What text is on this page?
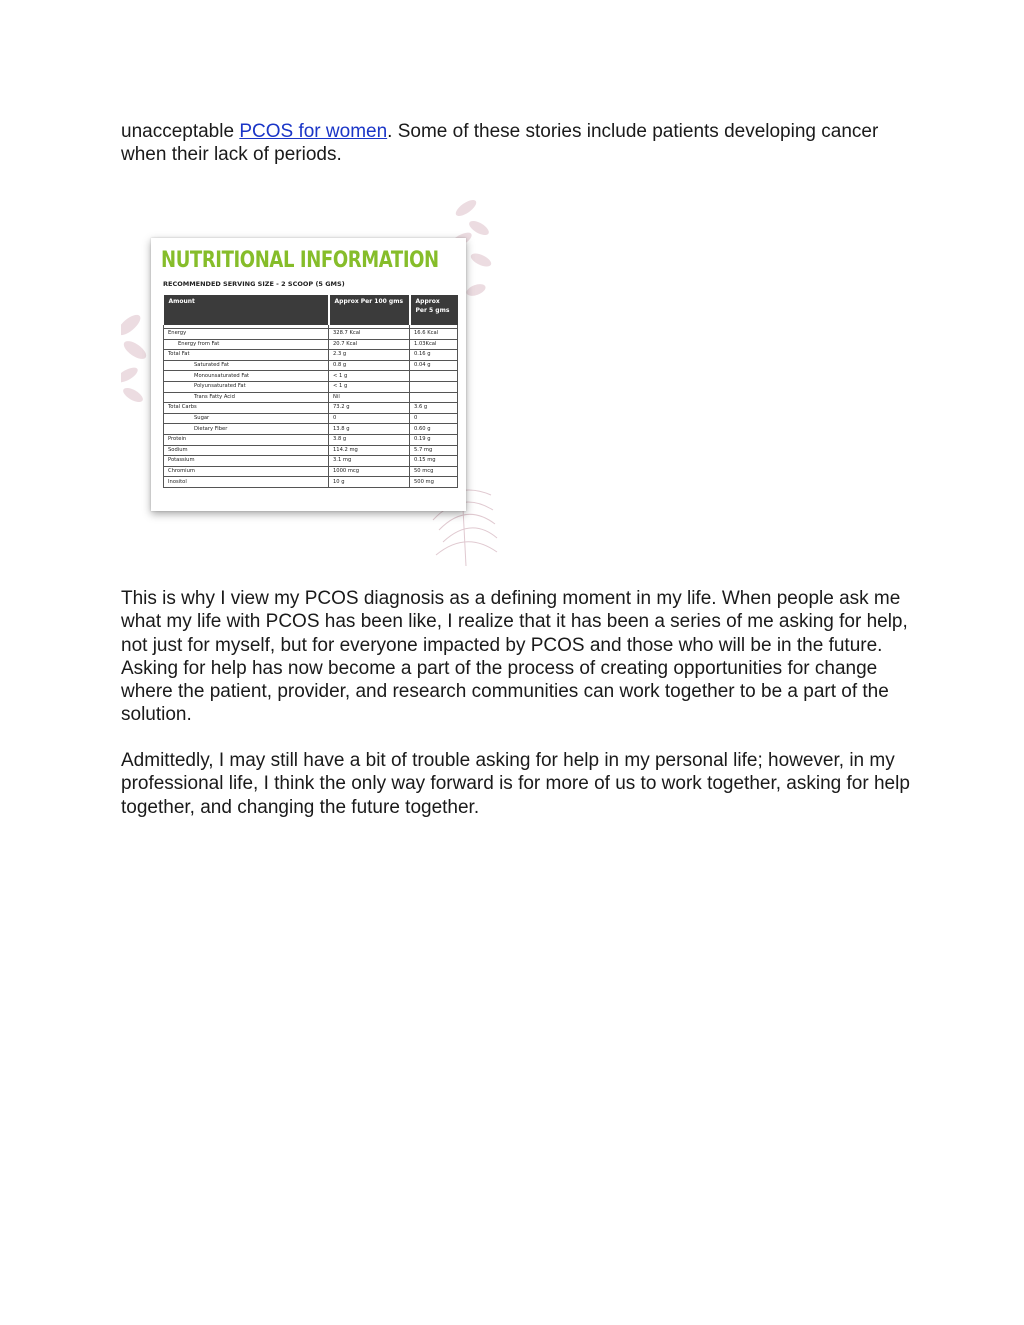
unacceptable PCOS for women. Some of these stories include patients developing cancer when their lack of periods.

NUTRITIONAL INFORMATION
RECOMMENDED SERVING SIZE - 2 SCOOP (5 GMS)
Amount	Approx Per 100 gms	Approx Per 5 gms

Energy	328.7 Kcal	16.6 Kcal
Energy from Fat	20.7 Kcal	1.03Kcal
Total Fat	2.3 g	0.16 g
Saturated Fat	0.8 g	0.04 g
Monounsaturated Fat	< 1 g	
Polyunsaturated Fat	< 1 g	
Trans Fatty Acid	Nil	
Total Carbs	73.2 g	3.6 g
Sugar	0	0
Dietary Fiber	13.8 g	0.60 g
Protein	3.8 g	0.19 g
Sodium	114.2 mg	5.7 mg
Potassium	3.1 mg	0.15 mg
Chromium	1000 mcg	50 mcg
Inositol	10 g	500 mg

This is why I view my PCOS diagnosis as a defining moment in my life. When people ask me what my life with PCOS has been like, I realize that it has been a series of me asking for help, not just for myself, but for everyone impacted by PCOS and those who will be in the future. Asking for help has now become a part of the process of creating opportunities for change where the patient, provider, and research communities can work together to be a part of the solution.

Admittedly, I may still have a bit of trouble asking for help in my personal life; however, in my professional life, I think the only way forward is for more of us to work together, asking for help together, and changing the future together.
